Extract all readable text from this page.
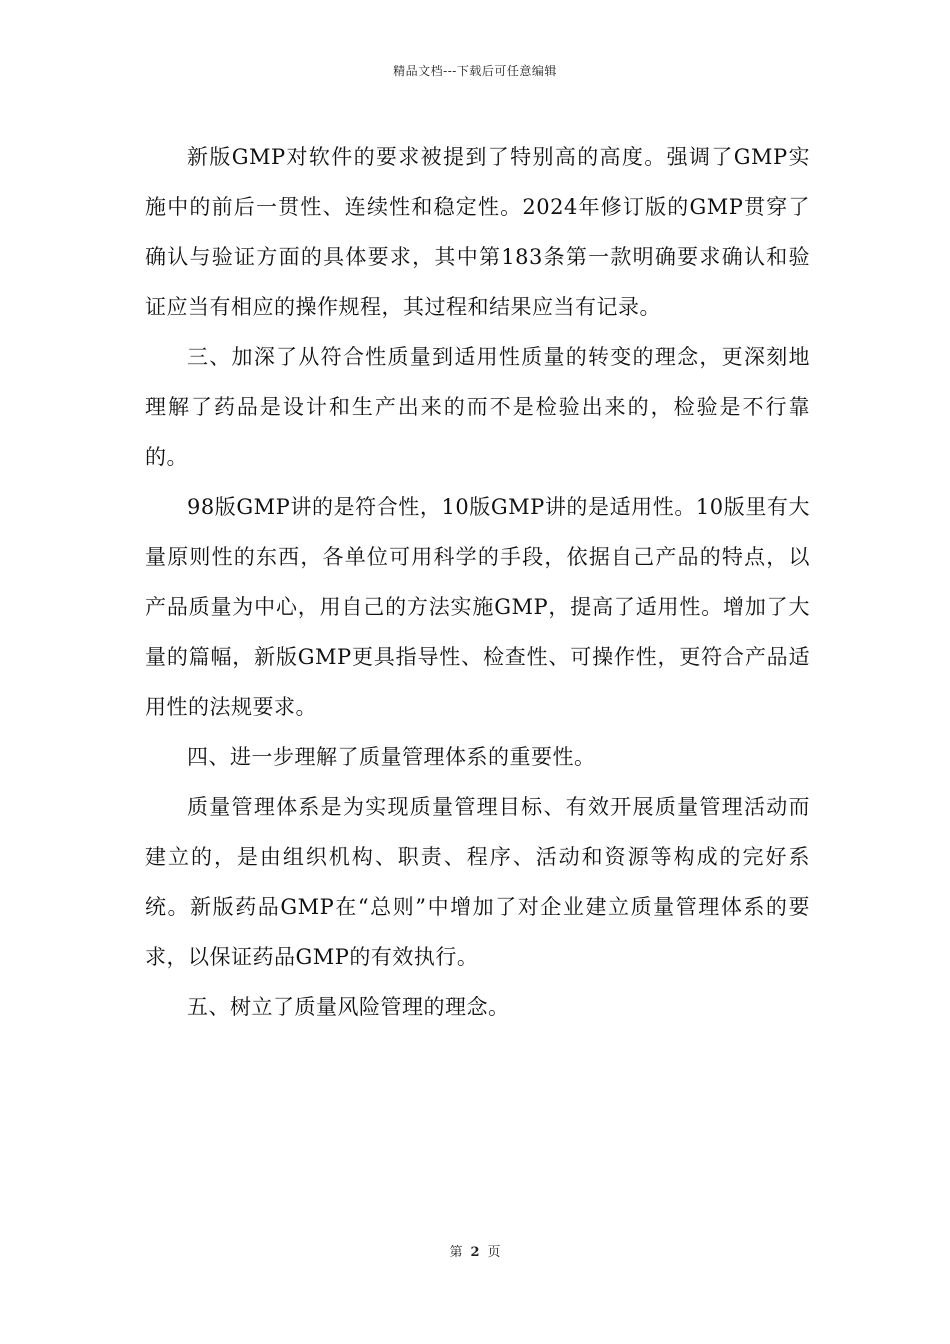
精品文档---下载后可任意编辑

新版GMP对软件的要求被提到了特别高的高度。强调了GMP实施中的前后一贯性、连续性和稳定性。2024年修订版的GMP贯穿了确认与验证方面的具体要求，其中第183条第一款明确要求确认和验证应当有相应的操作规程，其过程和结果应当有记录。

三、加深了从符合性质量到适用性质量的转变的理念，更深刻地理解了药品是设计和生产出来的而不是检验出来的，检验是不行靠的。

98版GMP讲的是符合性，10版GMP讲的是适用性。10版里有大量原则性的东西，各单位可用科学的手段，依据自己产品的特点，以产品质量为中心，用自己的方法实施GMP，提高了适用性。增加了大量的篇幅，新版GMP更具指导性、检查性、可操作性，更符合产品适用性的法规要求。

四、进一步理解了质量管理体系的重要性。

质量管理体系是为实现质量管理目标、有效开展质量管理活动而建立的，是由组织机构、职责、程序、活动和资源等构成的完好系统。新版药品GMP在“总则”中增加了对企业建立质量管理体系的要求，以保证药品GMP的有效执行。

五、树立了质量风险管理的理念。

第 2 页
